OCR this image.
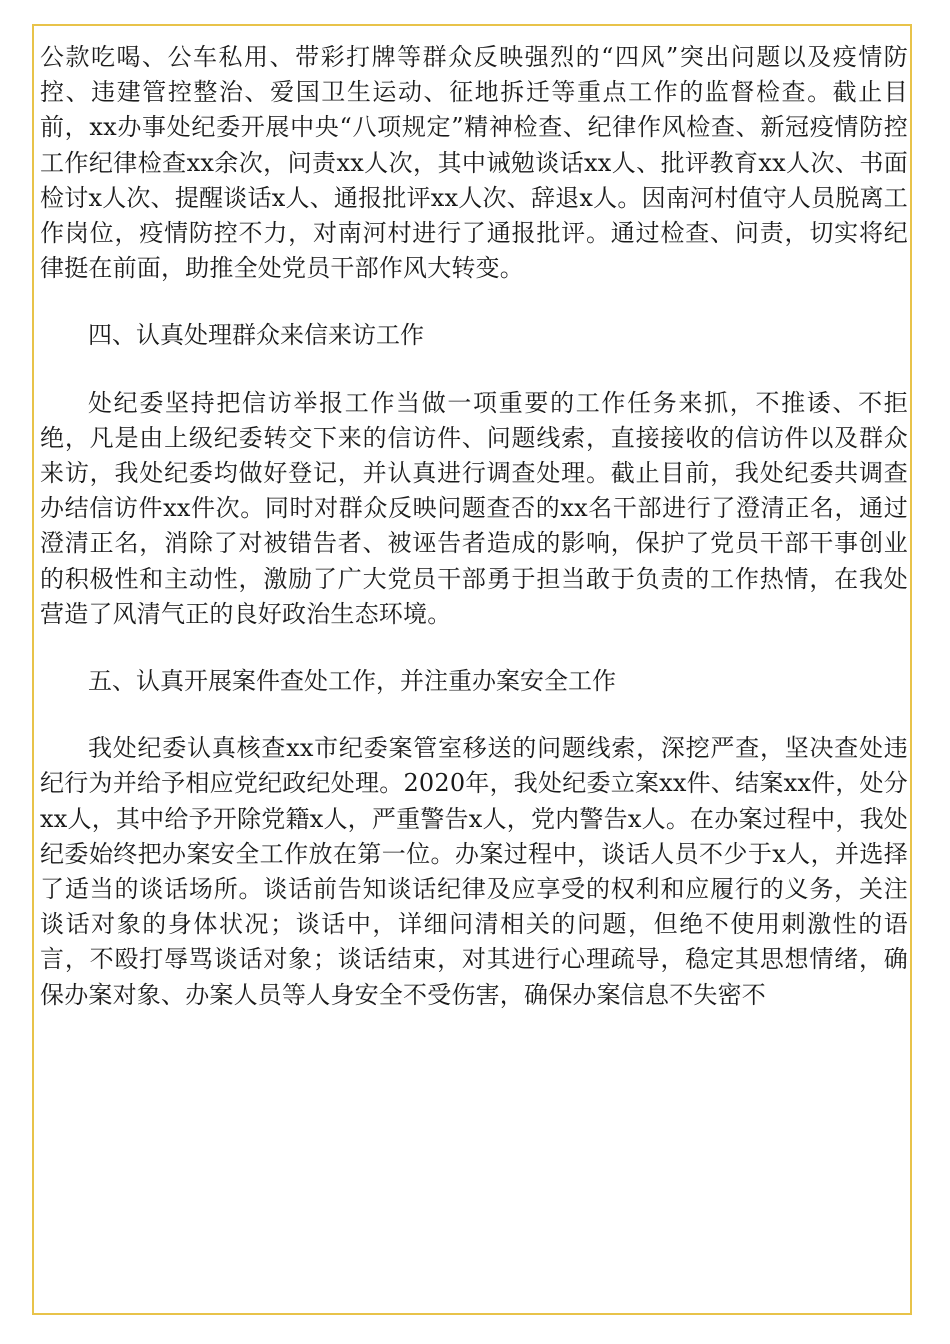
公款吃喝、公车私用、带彩打牌等群众反映强烈的“四风”突出问题以及疫情防控、违建管控整治、爱国卫生运动、征地拆迁等重点工作的监督检查。截止目前，xx办事处纪委开展中央“八项规定”精神检查、纪律作风检查、新冠疫情防控工作纪律检查xx余次，问责xx人次，其中诫勉谈话xx人、批评教育xx人次、书面检讨x人次、提醒谈话x人、通报批评xx人次、辞退x人。因南河村值守人员脱离工作岗位，疫情防控不力，对南河村进行了通报批评。通过检查、问责，切实将纪律挺在前面，助推全处党员干部作风大转变。

四、认真处理群众来信来访工作

处纪委坚持把信访举报工作当做一项重要的工作任务来抓，不推诿、不拒绝，凡是由上级纪委转交下来的信访件、问题线索，直接接收的信访件以及群众来访，我处纪委均做好登记，并认真进行调查处理。截止目前，我处纪委共调查办结信访件xx件次。同时对群众反映问题查否的xx名干部进行了澄清正名，通过澄清正名，消除了对被错告者、被诬告者造成的影响，保护了党员干部干事创业的积极性和主动性，激励了广大党员干部勇于担当敢于负责的工作热情，在我处营造了风清气正的良好政治生态环境。

五、认真开展案件查处工作，并注重办案安全工作

我处纪委认真核查xx市纪委案管室移送的问题线索，深挖严查，坚决查处违纪行为并给予相应党纪政纪处理。2020年，我处纪委立案xx件、结案xx件，处分xx人，其中给予开除党籍x人，严重警告x人，党内警告x人。在办案过程中，我处纪委始终把办案安全工作放在第一位。办案过程中，谈话人员不少于x人，并选择了适当的谈话场所。谈话前告知谈话纪律及应享受的权利和应履行的义务，关注谈话对象的身体状况；谈话中，详细问清相关的问题，但绝不使用刺激性的语言，不殴打辱骂谈话对象；谈话结束，对其进行心理疏导，稳定其思想情绪，确保办案对象、办案人员等人身安全不受伤害，确保办案信息不失密不
